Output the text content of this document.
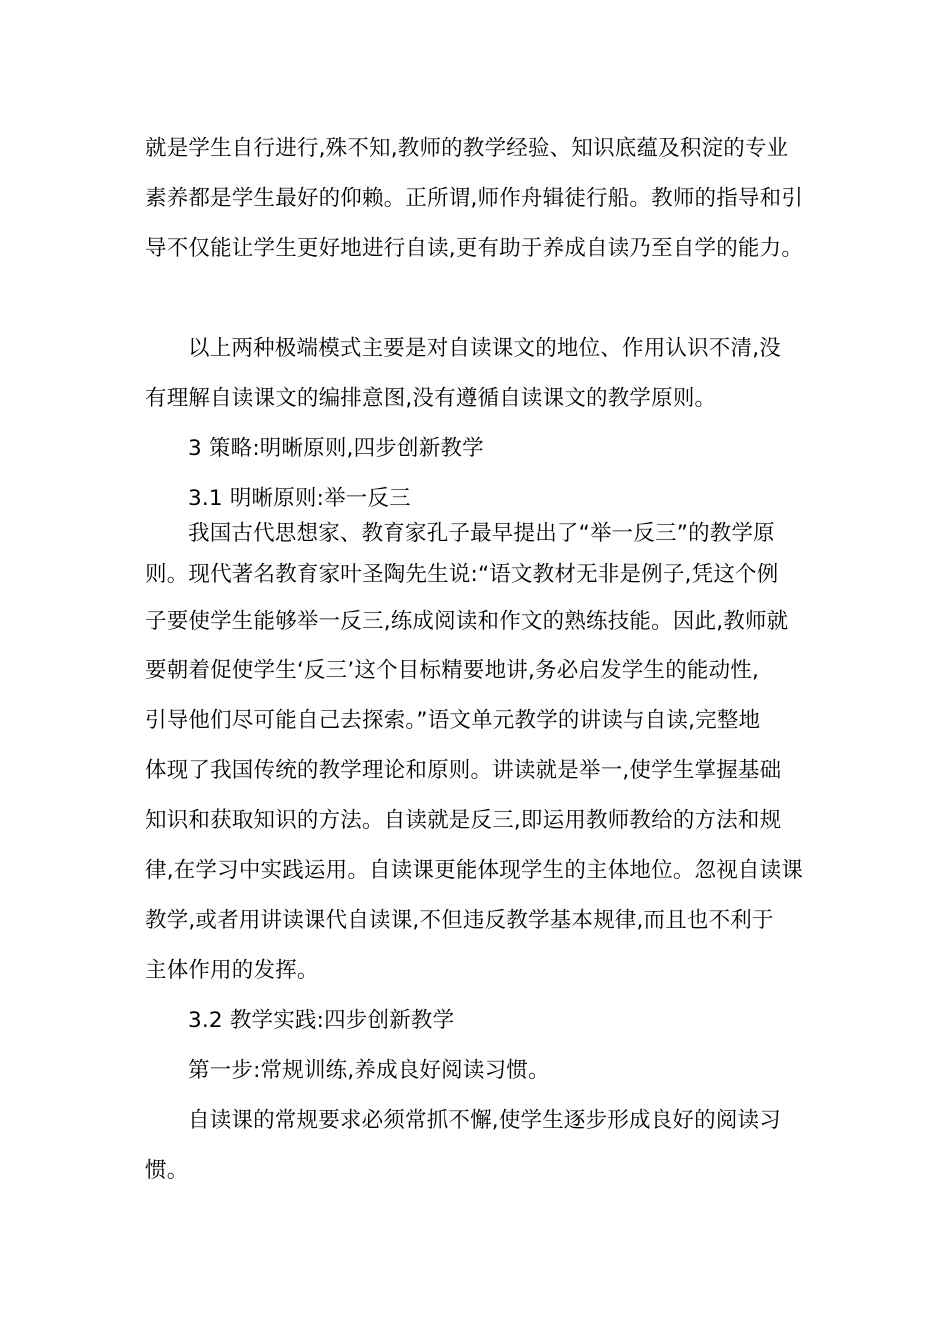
就是学生自行进行,殊不知,教师的教学经验、知识底蕴及积淀的专业
素养都是学生最好的仰赖。正所谓,师作舟辑徒行船。教师的指导和引
导不仅能让学生更好地进行自读,更有助于养成自读乃至自学的能力。
以上两种极端模式主要是对自读课文的地位、作用认识不清,没
有理解自读课文的编排意图,没有遵循自读课文的教学原则。
3 策略:明晰原则,四步创新教学
3.1 明晰原则:举一反三
我国古代思想家、教育家孔子最早提出了“举一反三”的教学原
则。现代著名教育家叶圣陶先生说:“语文教材无非是例子,凭这个例
子要使学生能够举一反三,练成阅读和作文的熟练技能。因此,教师就
要朝着促使学生‘反三’这个目标精要地讲,务必启发学生的能动性,
引导他们尽可能自己去探索。”语文单元教学的讲读与自读,完整地
体现了我国传统的教学理论和原则。讲读就是举一,使学生掌握基础
知识和获取知识的方法。自读就是反三,即运用教师教给的方法和规
律,在学习中实践运用。自读课更能体现学生的主体地位。忽视自读课
教学,或者用讲读课代自读课,不但违反教学基本规律,而且也不利于
主体作用的发挥。
3.2 教学实践:四步创新教学
第一步:常规训练,养成良好阅读习惯。
自读课的常规要求必须常抓不懈,使学生逐步形成良好的阅读习
惯。
